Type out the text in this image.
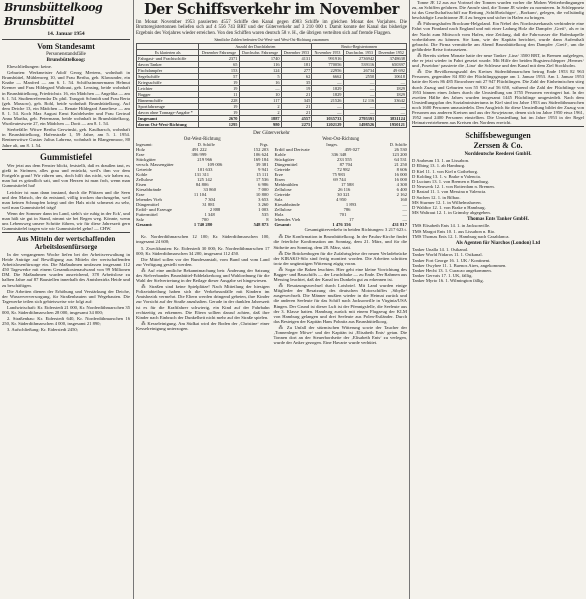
Brunsbüttelkoog
Brunsbüttel
14. Januar 1954
Vom Standesamt
Personenstandsfälle
Brunsbüttelkoog:

Eheschließungen: keine.

Geburten: Werkmeister Adolf Georg Mertens, wohnhaft in Brunsbüttel, Mühlenweg 10, und Frau Bertha, geb. Klawunder, ein Knabe — Manfred — am 6. 1. 54. Schiffszimmermann Helmut Kremer und Frau Hildegard Waltraut, geb. Lensing, beide wohnhaft in Brunsbüttelkoog, Friedrichstr. 16, ein Mädchen — Angelika — am 6. 1. 54. Studienreferendar Dr. phil. Traugott Schmidt und Frau Berta (geb. Massow), geb. Bohl, beide wohnhaft Brunsbüttelkoog. Auf dem Deiche 13, ein Mädchen — Renate Hildegard Anneliese — am 8. 1. 54. Koch Max August Ernst Knödelseder und Frau Gertrud Anna Martha, geb. Petermann, beide wohnhaft in Brunsbüttelkoog, Wurtleutestwete 27, ein Mädchen — Dorit — am 8. 1. 54.

Sterbefälle: Witwe Bertha Gerwinski, geb. Kaulbarsch, wohnhaft in Brunsbüttelkoog, Hafenstraße 1, 59 Jahre, am 5. 1. 1954. Rentnerwitwe Gustav Julius Labrenz, wohnhaft in Blangenmoor, 80 Jahre alt, am 8. 1. 54.

Gummistiefel

Wer jetzt aus dem Fenster blickt, feststellt, daß es draußen taut, es gießt in Strömen, alles grau und entrückt, weil's ihm vor dem Fortgeh'n graut! Wir rühren uns, doch hilft das nicht, wir haben zu, man hat es gründlich satt, und von Herzen ist man froh, wenn man Gummistiefel hat!

Leichter ist man dann imstand, durch die Pfützen und die Seen und den Matsch, der da entstand, völlig trocken durchzugehn, weil man keinen Schnupfen kriegt und der Hals nicht schmerzt zu sehr, weil man Gummistiefel trägt!

Wenn der Sommer dann im Land, steht's sie ruhig in der Eck', und man hält sie gut in Stand, nimmt sie bei Regen weg. Könnte, wenn uns Lebensweg unsere Schritte führen, wir für diese Jahreszeit gern Gummistiefel tragen wie wir Gummistiefel gehn! — CHW.

Aus Mitteln der wertschaffenden Arbeitslosenfürsorge

In der vergangenen Woche liefen bei der Arbeitsverwaltung in Heide Anträge auf Bewilligung aus Mitteln der wertschaffenden Arbeitslosenfürsorge ein. Die Maßnahmen umfassen insgesamt 112 450 Tagewerke mit einem Gesamtkostenaufwand von 99 Millionen DM. Die Maßnahmen wurden ausreichend, 378 Arbeitslose zu halben Jahre auf 87 Baustellen innerhalb des Amtsbezirks Heide und zu beschäftigen.

Die Arbeiten dienen der Erhöhung und Verstärkung der Deiche, der Wasserverversorgung, für Straßenbauten und Wegebauten. Die Tagewerke teilen sich gebietsweise wie folgt auf:

Landwirtschaft: Kr. Eiderstedt 21 000, Kr. Norderdithmarschen 35 000, Kr. Süderdithmarschen 28 000, insgesamt 34 000;

2. Straßenbau: Kr. Eiderstedt 640, Kr. Norderdithmarschen 16 250, Kr. Süderdithmarschen 4 000, insgesamt 21 890;

3. Aufschließung: Kr. Eiderstedt 2450;

Der Schiffsverkehr im November

Im Monat November 1953 passierten 4557 Schiffe den Kanal gegen 4983 Schiffe im gleichen Monat des Vorjahres. Die Bruttoregistertonnen beliefen sich auf 4 556 743 BRT und der Güterverkehr auf 3 210 000 t. Damit konnte der Kanal das bisherige Ergebnis des Vorjahres wieder erreichen. Von den Schiffen waren deutsch 58 v. H., die übrigen verteilten sich auf fremde Flaggen.

Sämtliche Zahlen bedeuten Ost-West- und West-Ost-Richtung zusammen
	Anzahl der Durchfahrten			Brutto-Registertonnen		
Es klarierten als	Dezember Fahrzeuge	Durchschn. Fahrzeuge	Dezember 1953	November 1953	Durchschn. 1953	Dezember 1952
Fahrgast- und Frachtschiffe	2371	1740	4131	991916	2736942	3748638
davon Tanker	65	116	181	770056	539116	650397
Fischdampfer	153	124	277	22956	26734	49 692
Segelschiffe	57	5	62	6662	2550	10618
Kriegsschiffe	19	16	35	—	—	—
Leichter	19	—	19	1829	—	1829
Bagger	11	10	21	1829	—	1829
Binnenschiffe	228	117	345	21526	12 116	33642
Sportfahrzeuge	19	2	21	—	—	—
davon ohne Tonnage-Angabe *	19	2	21	—	—	—
Insgesamt	2670	1887	4557	1035733	2795391	3831124
davon Ost-West-Richtung	1295	980	2275	1202129	1498526	1950121
Der Güterverkehr
Ost-West-Richtung
Ingesamt:	D. Schiffe	Frgs.
Holz	491 222	152 203
Erze	386 999	106 624
Stückgüter	219 966	169 184
versch. Massengüter	109 006	39 381
Getreide	101 633	9 941
Kohle	131 311	15 111
Zellulose	125 142	17 536
Eisen	84 806	6 986
Kiesabbrände	33 860	7 000
Erze	11 104	10 800
lebendes Vieh	7 304	3 653
Düngemittel	31 881	3 260
Erdöl- und Erzeuge	2 888	1 003
Futtermittel	1 348	535
Salz	700	8
Gesamt:	1 740 280	548 873
West-Ost-Richtung
Insges.	D. Schiffe
Erdöl und Derivate	459 027	26 530
Kohle	336 348	123 200
Stückgüter	233 555	64 531
Düngemittel	87 704	21 250
Getreide	72 982	8 606
Erze	75 983	16 000
Eisen	69 744	16 000
Mehlmühlen	17 588	4 300
Zellulose	26 116	6 400
Getreide	30 321	2 162
Salz	4 950	160
Kiesabbrände	1 893	—
Zellulose	786	—
Holz	701	—
lebendes Vieh	17	—
Gesamt:	1 476 356	431 817

Gesamtgüterverkehr in beiden Richtungen: 3 217 623 t.

Kr. Norderdithmarschen 12 100; Kr. Süderdithmarschen 100, insgesamt 24 600;

5. Zweckbauten: Kr. Eiderstedt 30 000; Kr. Norderdithmarschen 17 000; Kr. Süderdithmarschen 34 200, insgesamt 112 450.

Die Mittel sollen vor der Bundesanstalt, vom Bund und vom Land zur Verfügung gestellt werden.

⁂ Auf eine amtliche Bekanntmachung betr. Änderung der Satzung des Sielverbandes Brunsbüttel-Eddelakerkoog und Wahlordnung für die Wahl der Sielvertretung in der Beilage dieser Ausgabe sei hingewiesen.

⁂ Straßen sind keine Spielplätze! Nach Mitteilung der hiesigen Polizeiabteilung haben sich die Verkehrsunfälle mit Kindern im Amtsbezirk vermehrt. Die Eltern werden dringend gebeten, ihre Kinder zur Vorsicht auf der Straße anzuhalten. Gerade in der dunklen Jahreszeit ist es für die Kraftfahrer schwierig, ein Kind auf der Fahrbahn rechtzeitig zu erkennen. Die Eltern sollten darauf achten, daß ihre Kinder nach Einbruch der Dunkelheit nicht mehr auf der Straße spielen.

⁂ Kesseleinigung. Am Südkai wird der Boden der ‚Christine‘ einer Kesselreinigung unterzogen.

⁂ Die Konfirmation in Brunsbüttelkoog. In der Paulus-Kirche findet die feierliche Konfirmation am Sonntag, dem 21. März, und für die Südseite am Sonntag, dem 28. März, statt.

⁂ Die Brückenbogen für die Zufahrtsgleise der neuen Verladebrücke der KIRAKO-Silo sind fertig montiert worden. Die Arbeiten schritten trotz der ungünstigen Witterung zügig voran.

⁂ Sogar die Baken leuchten. Hier geht eine kleine Vorrichtung des Bagger- und Bauschiffs — der Leuchtbake — zu Ende. Der Rahmen aus Messing leuchtet, daß der Kanal im Dunkeln gut zu erkennen ist.

⁂ Besatzungswechsel durch Lotsbrief. Mit Land wurden einige Mitglieder der Besatzung des deutschen Motorschiffes ‚Sibylle‘ ausgewechselt. Die Männer mußten wieder in die Heimat zurück und die anderen Seeleute für das Schiff nach Jacksonville in Virginia/USA Bingen. Der Grund ist dieser Luft ist der Pfennigsfelle, die Seeleute aus der 3. Klasse hatten. Hamburg zurück mit einem Flugzeug der KLM von Hamburg gelangen und drei Seeleute aus Polen-Estländer. Durch das Besteigen der Kapitän Hans Pohnitz aus Brunsbüttelkoog.

⁂ Zu Unfall der stürmischen Witterung sowie der Taucher der ‚Tonnenleger Möwe‘ und der Kapitän ist ‚Elisabeth Ents‘ getan. Die Tonnen dort an der Steuerbordseite der ‚Elisabeth Ents‘ zu verlegen, wurde der Anker gezogen. Eine Havarie wurde verhütet.

Tonne JE 12 aus zur Vorinsel der Tonnen wurden vorher die Mohen Wetterbedingungen zu, an Schiffen gefahren. Die Anrufe sind, die Tonne JE wieder zu normieren. In Schleppnetz ist das Gesellschaftsschiff zur Rettung ‚Schiffbrüchiger‘, ‚Borkum‘, gelegen, die vollständig beschädigte Leuchttonne JE 4 zu bergen und sicher in Hafen zu bringen.

⁂ Führungshafen Brockum-Helgoland. Ein Nebel des Nordostseekanals verhinderte eine Fahrt von Finnland nach England und mit einer Ladung Holz die Dampfer ‚Greif‘, als er in der Nacht zum Mittwoch vom Hafen, eine Zeitlang, daß die Fahrwasser die Hafenkapelle vorbeifahren zu können. Sie kam, wie der Kapitän berichtet, wurde dann Aufenthalt gebracht. Die Firma vermittelte am Abend Brunsbüttelkoog den Dampfer ‚Greif‘, um die gefährdete Reise fortzusetzen.

⁂ Bereits sieben Monate hatte der neue Tanker ‚Lina‘ 3500 BRT, in Bremen aufgelegen, ehe er jetzt wieder in Fahrt gesetzt wurde. Mit Hilfe der beiden Bugsierschlepper ‚Hermes‘ und ‚Poseidon‘ passierte die ‚Lina‘ die Schleuse und den Kanal mit dem Ziel Stockholm.

⁂ Die Bevölkerungszahl des Kreises Süderdithmarschen betrug Ende 1953 82 963 Personen, gegenüber 84 850 der Flüchtlingsgruppe am 1. Januar 1953. Am 1. Januar 1953 hatte der Kreis 86 485 Einwohner mit 27 947 Flüchtlingen. Die Zahl der Einheimischen stieg durch Zuzug und Geburten von 55 930 auf 56 650, während die Zahl der Flüchtlinge von 1953 binnen eines Jahres durch die Umsiedlung um 3755 Personen verringert hat. In der zweiten Hälfte des Jahres wurden insgesamt 1445 Flüchtlinge umgesiedelt. Nach dem Umsiedlungsplan des Sozialministeriums in Kiel sind im Jahre 1953 aus Süderdithmarschen noch 1600 Personen umzusiedeln. Den Ausgleich für diese Umsiedlung bildet der Zuzug von Personen aus anderen Kreisen und aus der Sowjetzone, denen sich im Jahre 1950 etwa 1961, 1952 rund 2400 Personen einstellten. Die Umsiedlung hat im Jahre 1953 in der Regel Heimatvertriebenen aus Kreisen des Nordens erreicht.

Schiffsbewegungen
Zerssen & Co.
Norddeutsche Reederei GmbH.

D Arabeum 13. 1. an Lissabon.

D Elbing 13. 1. ab Hamburg.

D Kiel 11. 1. von Kiel n Gotheborg.

D Kolding 13. 1. v. Brake n Valencia.

D Lucium 13. 1. von Bremen n Hamburg.

D Neuwerk 12. 1. von Rotterdam n. Bremen.

D Rastad 11. 1. von Messina n Valencia.

D Sachen 12. 1. in Bilbao.

MS Sturmer 12. 1. in Wilhelmshaven.

D Waldtor 12. 1. von Brake n Hamburg.

MS Waltraut 12. 1. in Grimsby abgegeben.

Thomas Ents Tanker GmbH.

TMS Elisabeth Ents 14. 1. in Jacksonville.

TMS Margot Ents 10. 1. aus Lissabon n. Rio.

TMS Thomas Ents 12. 1. Hamburg nach Casablanca.

Als Agenten für Niarchos (London) Ltd

Tanker Unalla 14. 1. Ostkanal.

Tanker World Nidaros 11. 1. Ostkanal.

Tanker Fort George 16. 1. UK / Kontinent.

Tanker Owyhee 11. 1. Buenos Aires, angekommen.

Tanker Hecht 13. 1. Curacao angekommen.

Tanker Gervais 17. 1. UK, fällig.

Tanker Myrto 16. 1. Wilmington fällig.
